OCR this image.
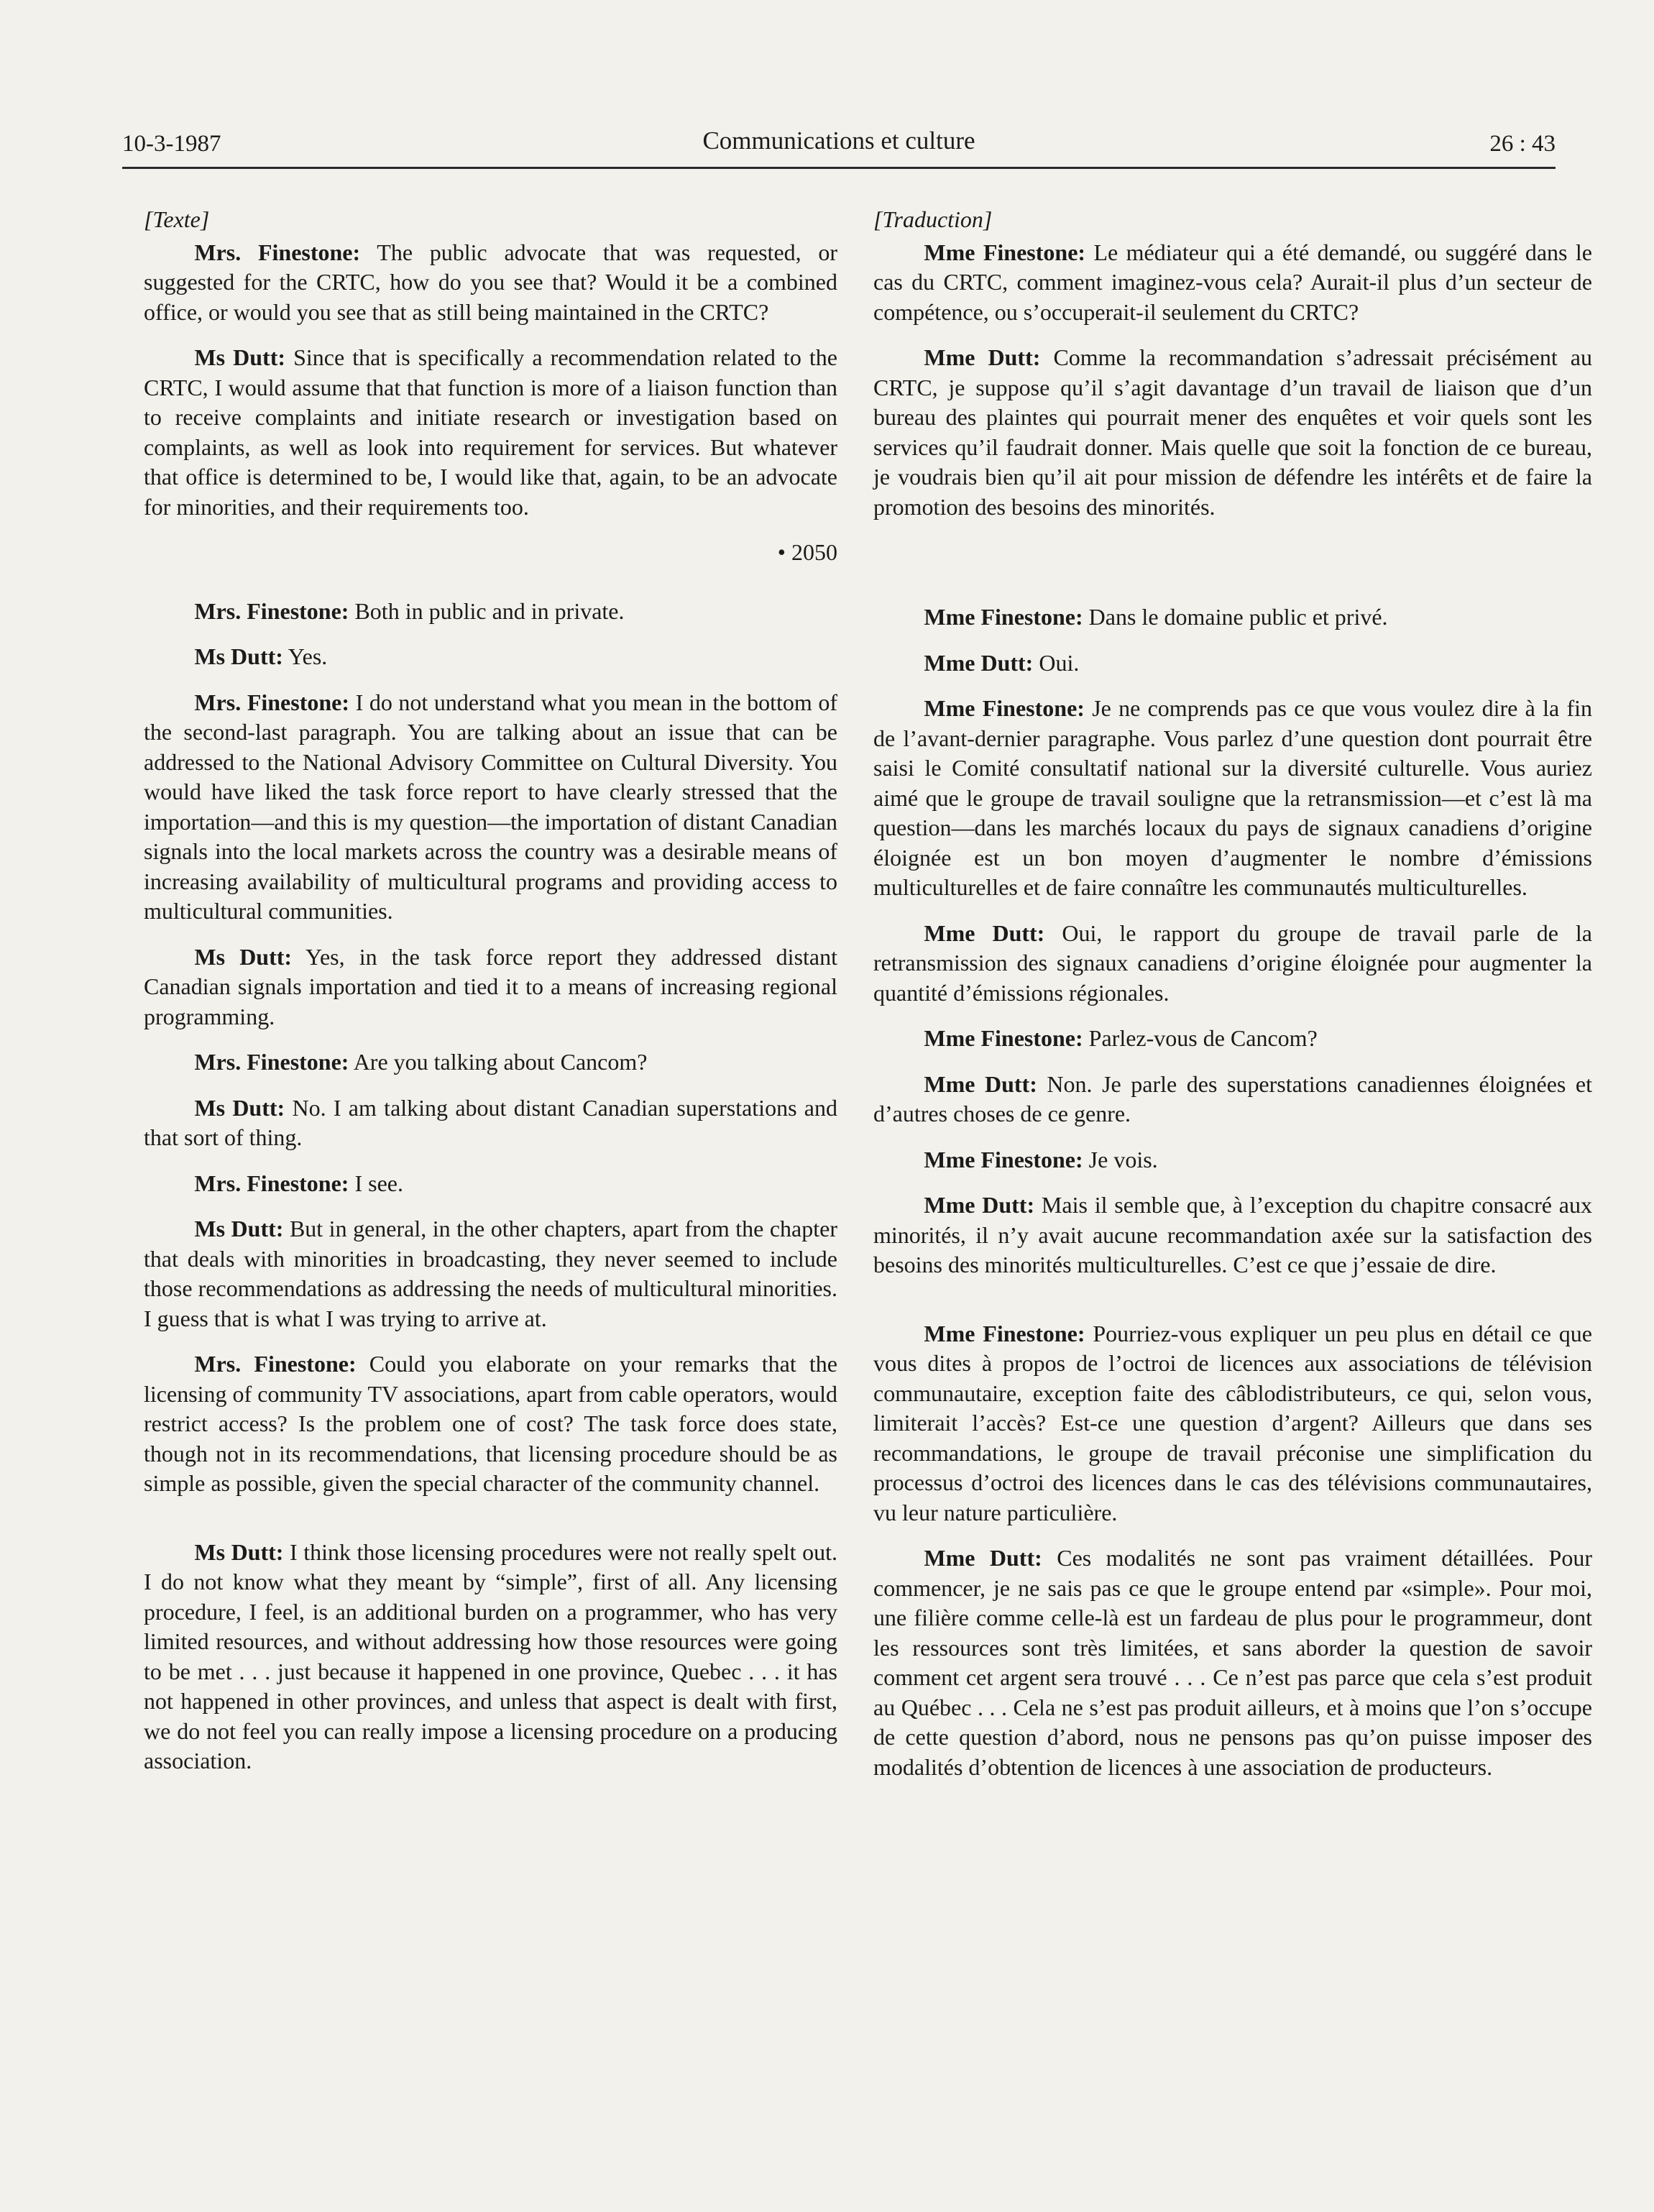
10-3-1987	Communications et culture	26 : 43
[Texte]
Mrs. Finestone: The public advocate that was requested, or suggested for the CRTC, how do you see that? Would it be a combined office, or would you see that as still being maintained in the CRTC?
Ms Dutt: Since that is specifically a recommendation related to the CRTC, I would assume that that function is more of a liaison function than to receive complaints and initiate research or investigation based on complaints, as well as look into requirement for services. But whatever that office is determined to be, I would like that, again, to be an advocate for minorities, and their requirements too.
• 2050
Mrs. Finestone: Both in public and in private.
Ms Dutt: Yes.
Mrs. Finestone: I do not understand what you mean in the bottom of the second-last paragraph. You are talking about an issue that can be addressed to the National Advisory Committee on Cultural Diversity. You would have liked the task force report to have clearly stressed that the importation—and this is my question—the importation of distant Canadian signals into the local markets across the country was a desirable means of increasing availability of multicultural programs and providing access to multicultural communities.
Ms Dutt: Yes, in the task force report they addressed distant Canadian signals importation and tied it to a means of increasing regional programming.
Mrs. Finestone: Are you talking about Cancom?
Ms Dutt: No. I am talking about distant Canadian superstations and that sort of thing.
Mrs. Finestone: I see.
Ms Dutt: But in general, in the other chapters, apart from the chapter that deals with minorities in broadcasting, they never seemed to include those recommendations as addressing the needs of multicultural minorities. I guess that is what I was trying to arrive at.
Mrs. Finestone: Could you elaborate on your remarks that the licensing of community TV associations, apart from cable operators, would restrict access? Is the problem one of cost? The task force does state, though not in its recommendations, that licensing procedure should be as simple as possible, given the special character of the community channel.
Ms Dutt: I think those licensing procedures were not really spelt out. I do not know what they meant by “simple”, first of all. Any licensing procedure, I feel, is an additional burden on a programmer, who has very limited resources, and without addressing how those resources were going to be met . . . just because it happened in one province, Quebec . . . it has not happened in other provinces, and unless that aspect is dealt with first, we do not feel you can really impose a licensing procedure on a producing association.
[Traduction]
Mme Finestone: Le médiateur qui a été demandé, ou suggéré dans le cas du CRTC, comment imaginez-vous cela? Aurait-il plus d’un secteur de compétence, ou s’occuperait-il seulement du CRTC?
Mme Dutt: Comme la recommandation s’adressait précisément au CRTC, je suppose qu’il s’agit davantage d’un travail de liaison que d’un bureau des plaintes qui pourrait mener des enquêtes et voir quels sont les services qu’il faudrait donner. Mais quelle que soit la fonction de ce bureau, je voudrais bien qu’il ait pour mission de défendre les intérêts et de faire la promotion des besoins des minorités.
Mme Finestone: Dans le domaine public et privé.
Mme Dutt: Oui.
Mme Finestone: Je ne comprends pas ce que vous voulez dire à la fin de l’avant-dernier paragraphe. Vous parlez d’une question dont pourrait être saisi le Comité consultatif national sur la diversité culturelle. Vous auriez aimé que le groupe de travail souligne que la retransmission—et c’est là ma question—dans les marchés locaux du pays de signaux canadiens d’origine éloignée est un bon moyen d’augmenter le nombre d’émissions multiculturelles et de faire connaître les communautés multiculturelles.
Mme Dutt: Oui, le rapport du groupe de travail parle de la retransmission des signaux canadiens d’origine éloignée pour augmenter la quantité d’émissions régionales.
Mme Finestone: Parlez-vous de Cancom?
Mme Dutt: Non. Je parle des superstations canadiennes éloignées et d’autres choses de ce genre.
Mme Finestone: Je vois.
Mme Dutt: Mais il semble que, à l’exception du chapitre consacré aux minorités, il n’y avait aucune recommandation axée sur la satisfaction des besoins des minorités multiculturelles. C’est ce que j’essaie de dire.
Mme Finestone: Pourriez-vous expliquer un peu plus en détail ce que vous dites à propos de l’octroi de licences aux associations de télévision communautaire, exception faite des câblodistributeurs, ce qui, selon vous, limiterait l’accès? Est-ce une question d’argent? Ailleurs que dans ses recommandations, le groupe de travail préconise une simplification du processus d’octroi des licences dans le cas des télévisions communautaires, vu leur nature particulière.
Mme Dutt: Ces modalités ne sont pas vraiment détaillées. Pour commencer, je ne sais pas ce que le groupe entend par «simple». Pour moi, une filière comme celle-là est un fardeau de plus pour le programmeur, dont les ressources sont très limitées, et sans aborder la question de savoir comment cet argent sera trouvé . . . Ce n’est pas parce que cela s’est produit au Québec . . . Cela ne s’est pas produit ailleurs, et à moins que l’on s’occupe de cette question d’abord, nous ne pensons pas qu’on puisse imposer des modalités d’obtention de licences à une association de producteurs.
